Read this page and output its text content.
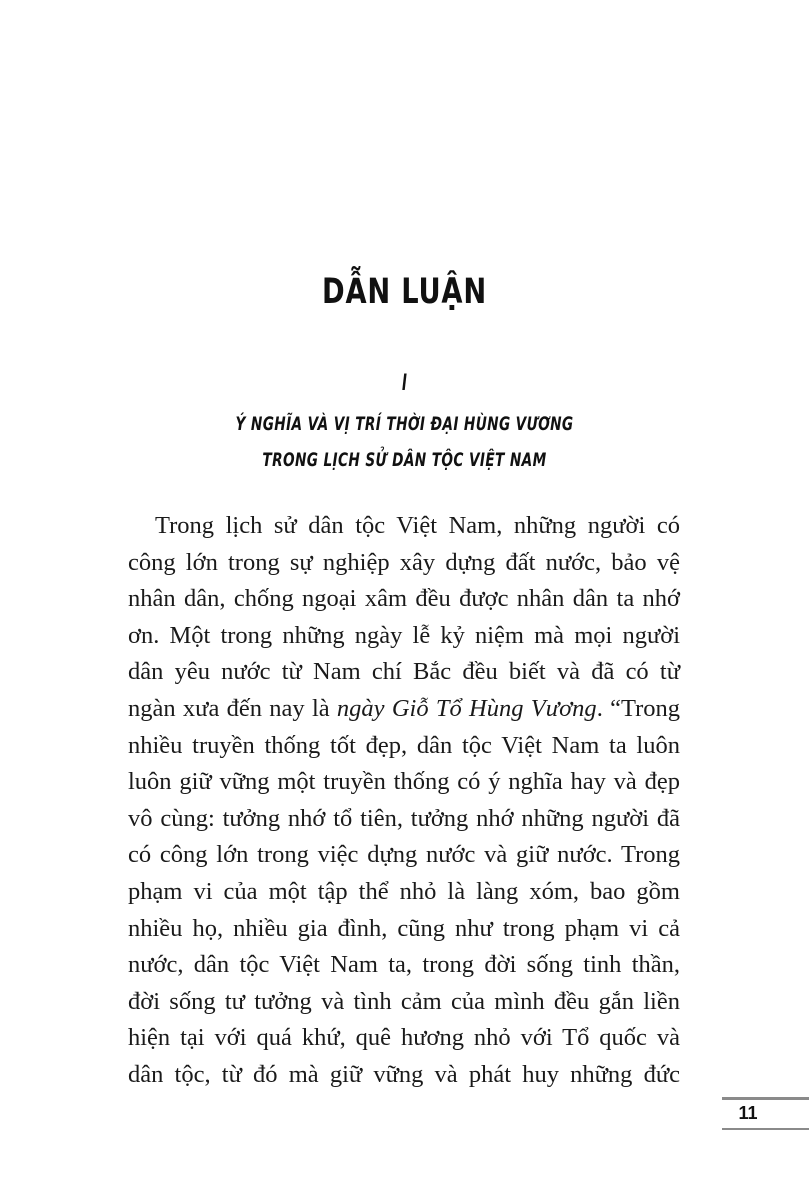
DẪN LUẬN
I
Ý NGHĨA VÀ VỊ TRÍ THỜI ĐẠI HÙNG VƯƠNG
TRONG LỊCH SỬ DÂN TỘC VIỆT NAM
Trong lịch sử dân tộc Việt Nam, những người có
công lớn trong sự nghiệp xây dựng đất nước, bảo vệ
nhân dân, chống ngoại xâm đều được nhân dân ta nhớ
ơn. Một trong những ngày lễ kỷ niệm mà mọi người
dân yêu nước từ Nam chí Bắc đều biết và đã có từ
ngàn xưa đến nay là ngày Giỗ Tổ Hùng Vương. “Trong
nhiều truyền thống tốt đẹp, dân tộc Việt Nam ta luôn
luôn giữ vững một truyền thống có ý nghĩa hay và đẹp
vô cùng: tưởng nhớ tổ tiên, tưởng nhớ những người đã
có công lớn trong việc dựng nước và giữ nước. Trong
phạm vi của một tập thể nhỏ là làng xóm, bao gồm
nhiều họ, nhiều gia đình, cũng như trong phạm vi cả
nước, dân tộc Việt Nam ta, trong đời sống tinh thần,
đời sống tư tưởng và tình cảm của mình đều gắn liền
hiện tại với quá khứ, quê hương nhỏ với Tổ quốc và
dân tộc, từ đó mà giữ vững và phát huy những đức
11
